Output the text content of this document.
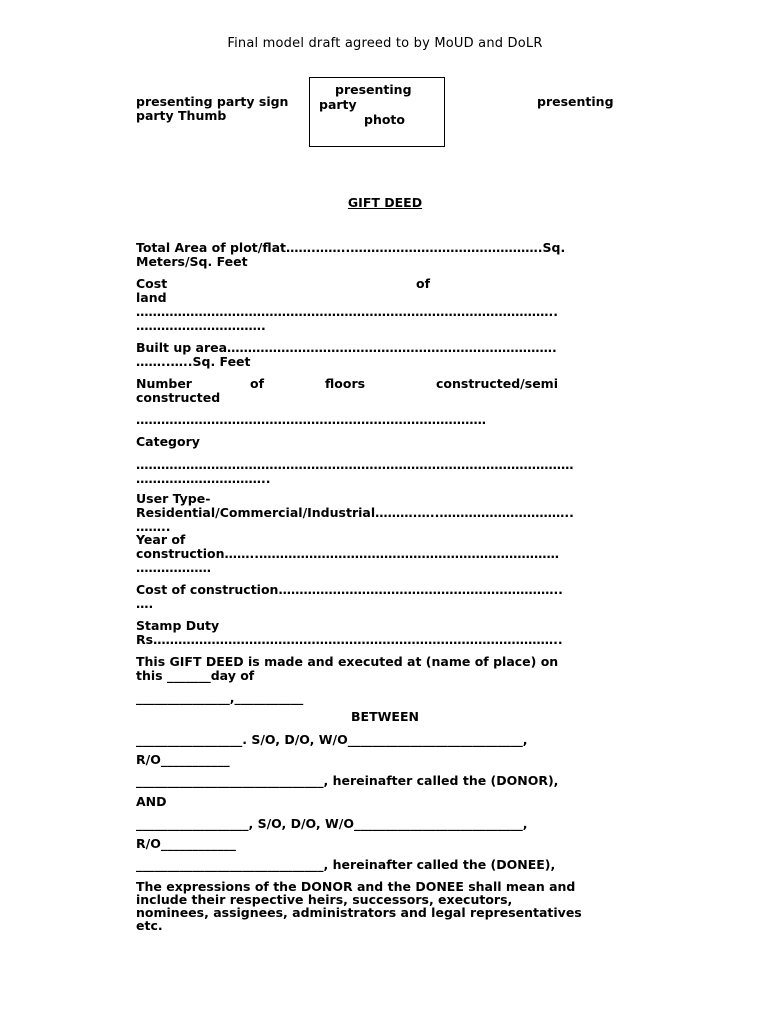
Final model draft agreed to by MoUD and DoLR
presenting party sign
party Thumb
presenting
party
photo
presenting
GIFT DEED
Total Area of plot/flat…….……..……………………………………….Sq.
Meters/Sq. Feet
Cost	of
land
………………………………………………………………………………………..
………………………….
Built up area…………………………………………………………………….
……..…..Sq. Feet
Number	of	floors	constructed/semi
constructed
…………………………………………………………………………
Category
……………………………………………………………………………………………
…………………………..
User Type-
Residential/Commercial/Industrial……….…..…………………………..
……..
Year of
construction……..………………………………………………………………
………………
Cost of construction…………………………………………………………..
….
Stamp Duty
Rs……………………………………………………………………………………..
This GIFT DEED is made and executed at (name of place) on
this _______day of
_______________,___________
BETWEEN
_________________. S/O, D/O, W/O____________________________,
R/O___________
______________________________, hereinafter called the (DONOR),
AND
__________________, S/O, D/O, W/O___________________________,
R/O____________
______________________________, hereinafter called the (DONEE),
The expressions of the DONOR and the DONEE shall mean and
include their respective heirs, successors, executors,
nominees, assignees, administrators and legal representatives
etc.
